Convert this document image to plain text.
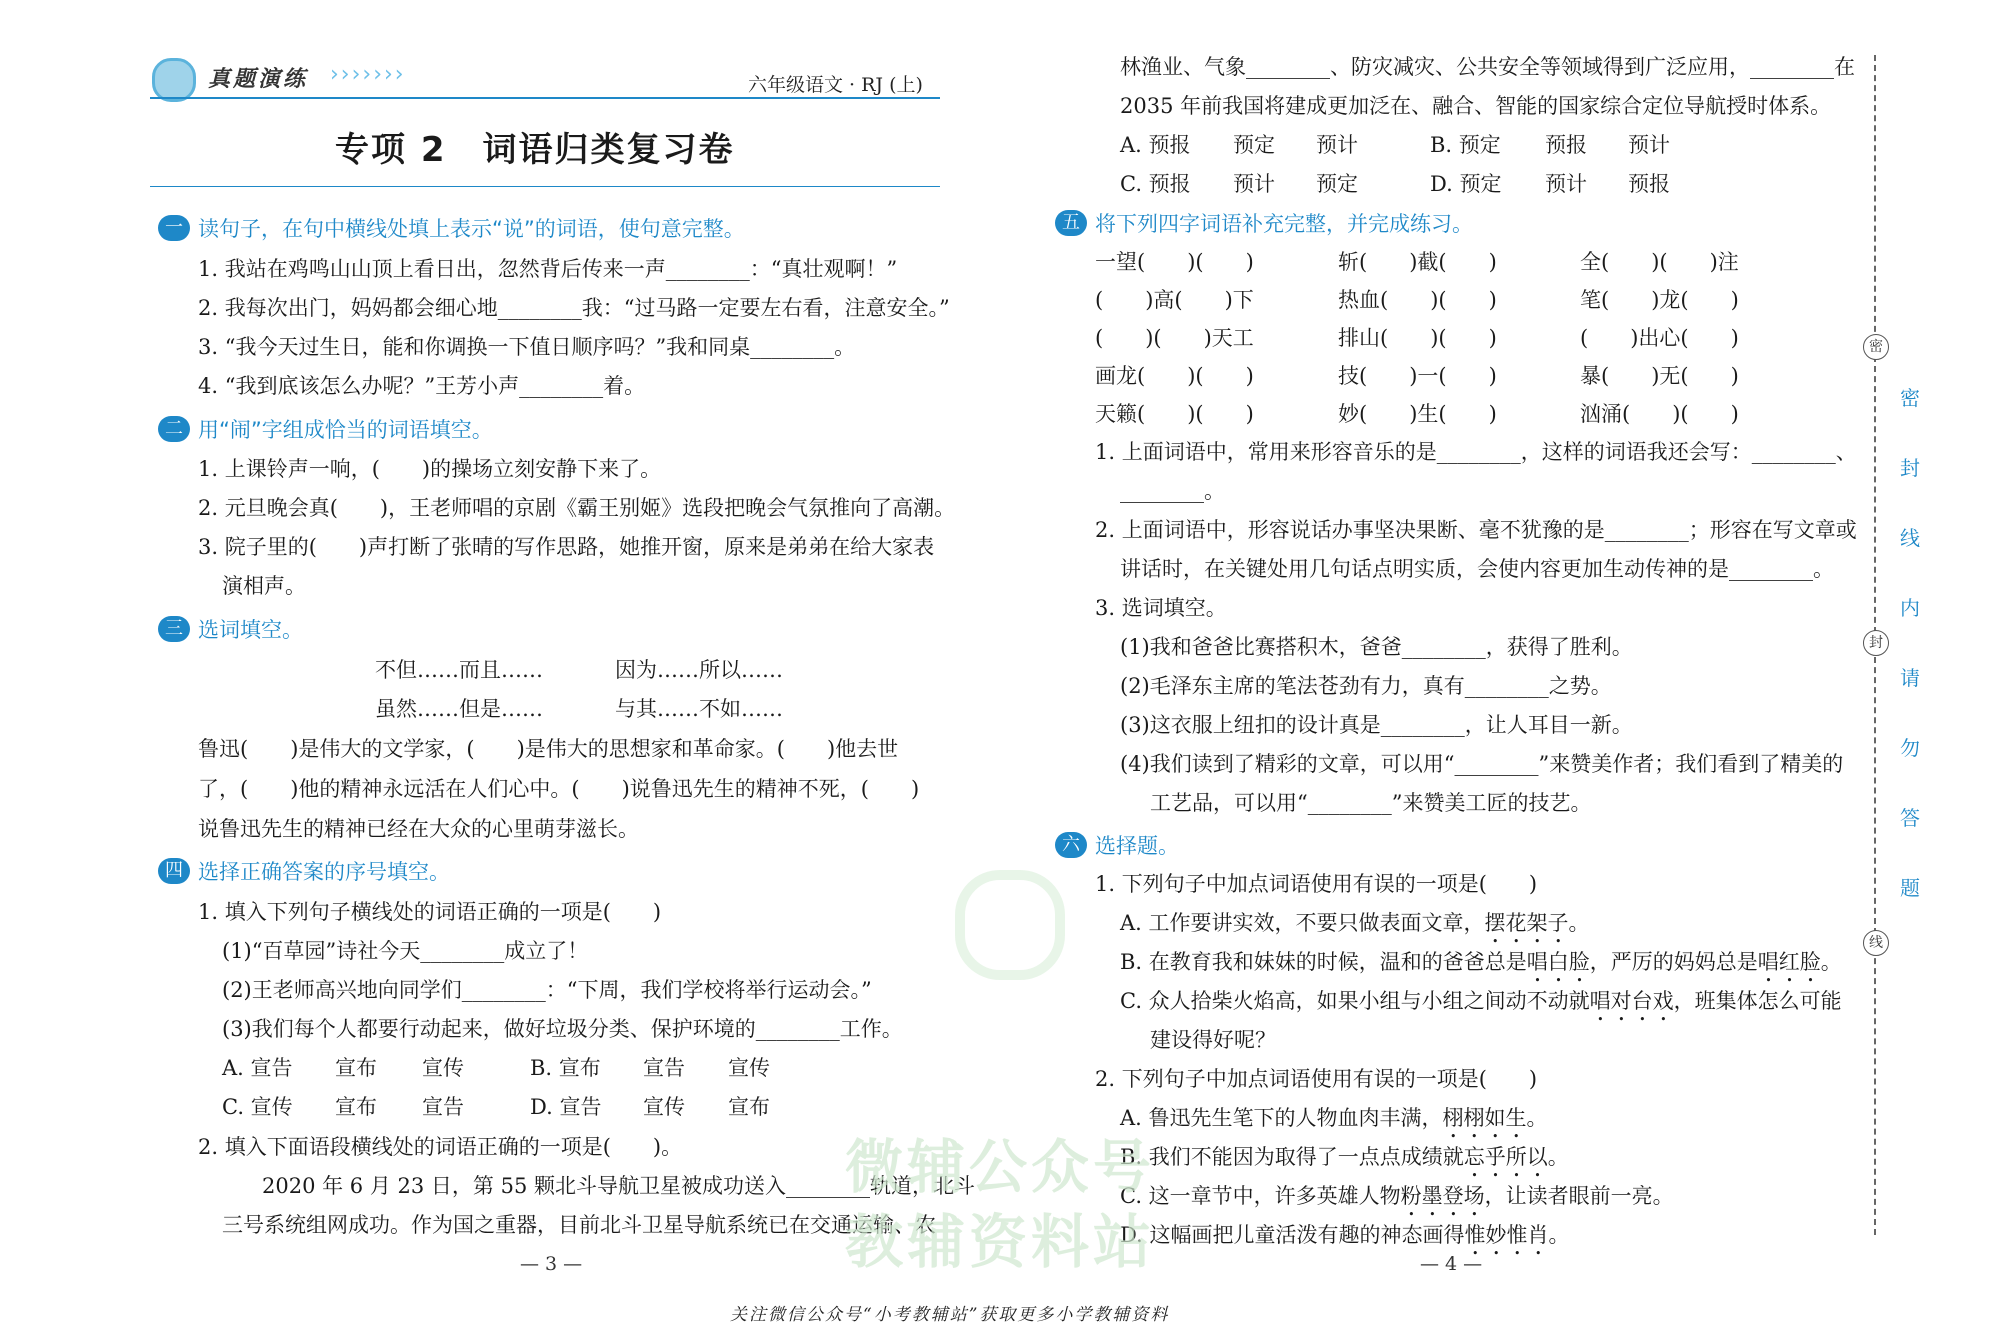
真题演练 ›››››››	六年级语文 · RJ (上)
专项 2　词语归类复习卷
一 读句子，在句中横线处填上表示“说”的词语，使句意完整。
1. 我站在鸡鸣山山顶上看日出，忽然背后传来一声________：“真壮观啊！”
2. 我每次出门，妈妈都会细心地________我：“过马路一定要左右看，注意安全。”
3. “我今天过生日，能和你调换一下值日顺序吗？”我和同桌________。
4. “我到底该怎么办呢？”王芳小声________着。
二 用“闹”字组成恰当的词语填空。
1. 上课铃声一响，(　　)的操场立刻安静下来了。
2. 元旦晚会真(　　)，王老师唱的京剧《霸王别姬》选段把晚会气氛推向了高潮。
3. 院子里的(　　)声打断了张晴的写作思路，她推开窗，原来是弟弟在给大家表
演相声。
三 选词填空。
不但……而且……	因为……所以……
虽然……但是……	与其……不如……
鲁迅(　　)是伟大的文学家，(　　)是伟大的思想家和革命家。(　　)他去世
了，(　　)他的精神永远活在人们心中。(　　)说鲁迅先生的精神不死，(　　)
说鲁迅先生的精神已经在大众的心里萌芽滋长。
四 选择正确答案的序号填空。
1. 填入下列句子横线处的词语正确的一项是(　　)
(1)“百草园”诗社今天________成立了！
(2)王老师高兴地向同学们________：“下周，我们学校将举行运动会。”
(3)我们每个人都要行动起来，做好垃圾分类、保护环境的________工作。
A. 宣告 宣布 宣传	B. 宣布 宣告 宣传
C. 宣传 宣布 宣告	D. 宣告 宣传 宣布
2. 填入下面语段横线处的词语正确的一项是(　　)。
2020 年 6 月 23 日，第 55 颗北斗导航卫星被成功送入________轨道，北斗
三号系统组网成功。作为国之重器，目前北斗卫星导航系统已在交通运输、农
— 3 —
林渔业、气象________、防灾减灾、公共安全等领域得到广泛应用，________在
2035 年前我国将建成更加泛在、融合、智能的国家综合定位导航授时体系。
A. 预报 预定 预计	B. 预定 预报 预计
C. 预报 预计 预定	D. 预定 预计 预报
五 将下列四字词语补充完整，并完成练习。
一望(　　)(　　)	斩(　　)截(　　)	全(　　)(　　)注
(　　)高(　　)下	热血(　　)(　　)	笔(　　)龙(　　)
(　　)(　　)天工	排山(　　)(　　)	(　　)出心(　　)
画龙(　　)(　　)	技(　　)一(　　)	暴(　　)无(　　)
天籁(　　)(　　)	妙(　　)生(　　)	汹涌(　　)(　　)
1. 上面词语中，常用来形容音乐的是________，这样的词语我还会写：________、
________。
2. 上面词语中，形容说话办事坚决果断、毫不犹豫的是________；形容在写文章或
讲话时，在关键处用几句话点明实质，会使内容更加生动传神的是________。
3. 选词填空。
(1)我和爸爸比赛搭积木，爸爸________，获得了胜利。
(2)毛泽东主席的笔法苍劲有力，真有________之势。
(3)这衣服上纽扣的设计真是________，让人耳目一新。
(4)我们读到了精彩的文章，可以用“________”来赞美作者；我们看到了精美的
工艺品，可以用“________”来赞美工匠的技艺。
六 选择题。
1. 下列句子中加点词语使用有误的一项是(　　)
A. 工作要讲实效，不要只做表面文章，摆花架子。
B. 在教育我和妹妹的时候，温和的爸爸总是唱白脸，严厉的妈妈总是唱红脸。
C. 众人拾柴火焰高，如果小组与小组之间动不动就唱对台戏，班集体怎么可能
建设得好呢？
2. 下列句子中加点词语使用有误的一项是(　　)
A. 鲁迅先生笔下的人物血肉丰满，栩栩如生。
B. 我们不能因为取得了一点点成绩就忘乎所以。
C. 这一章节中，许多英雄人物粉墨登场，让读者眼前一亮。
D. 这幅画把儿童活泼有趣的神态画得惟妙惟肖。
— 4 —
密
封
线
密
封
线
内
请
勿
答
题
微辅公众号
教辅资料站
关注微信公众号“小考教辅站”获取更多小学教辅资料
